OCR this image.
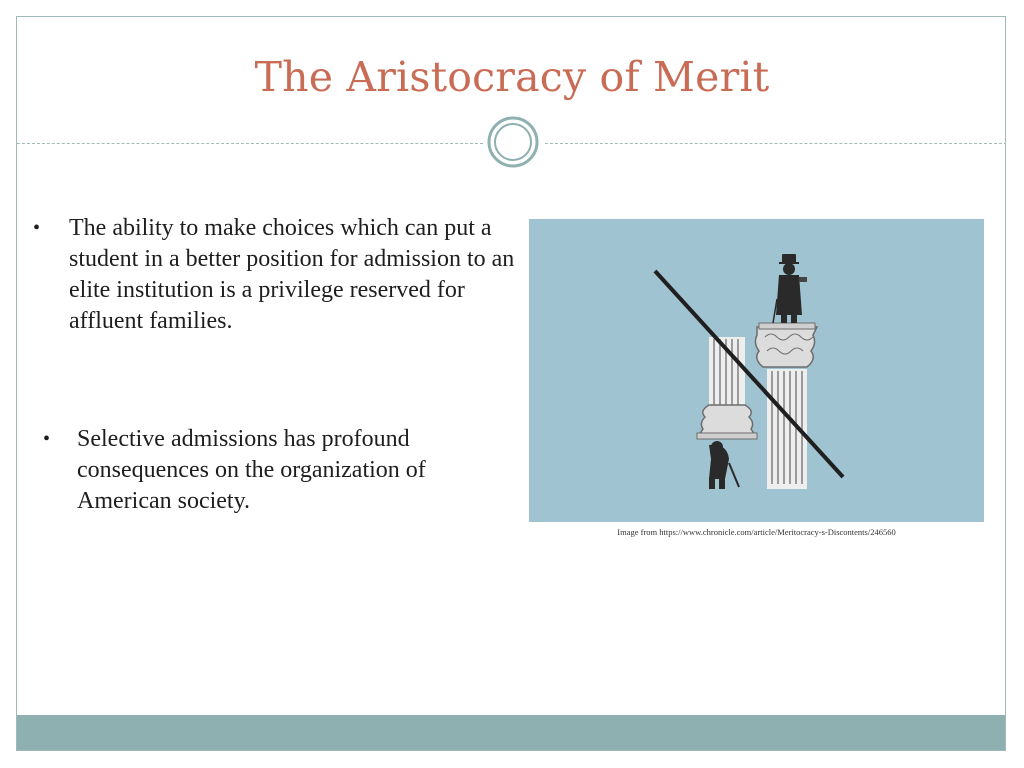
The Aristocracy of Merit
• The ability to make choices which can put a student in a better position for admission to an elite institution is a privilege reserved for affluent families.
• Selective admissions has profound consequences on the organization of American society.
Image from https://www.chronicle.com/article/Meritocracy-s-Discontents/246560
